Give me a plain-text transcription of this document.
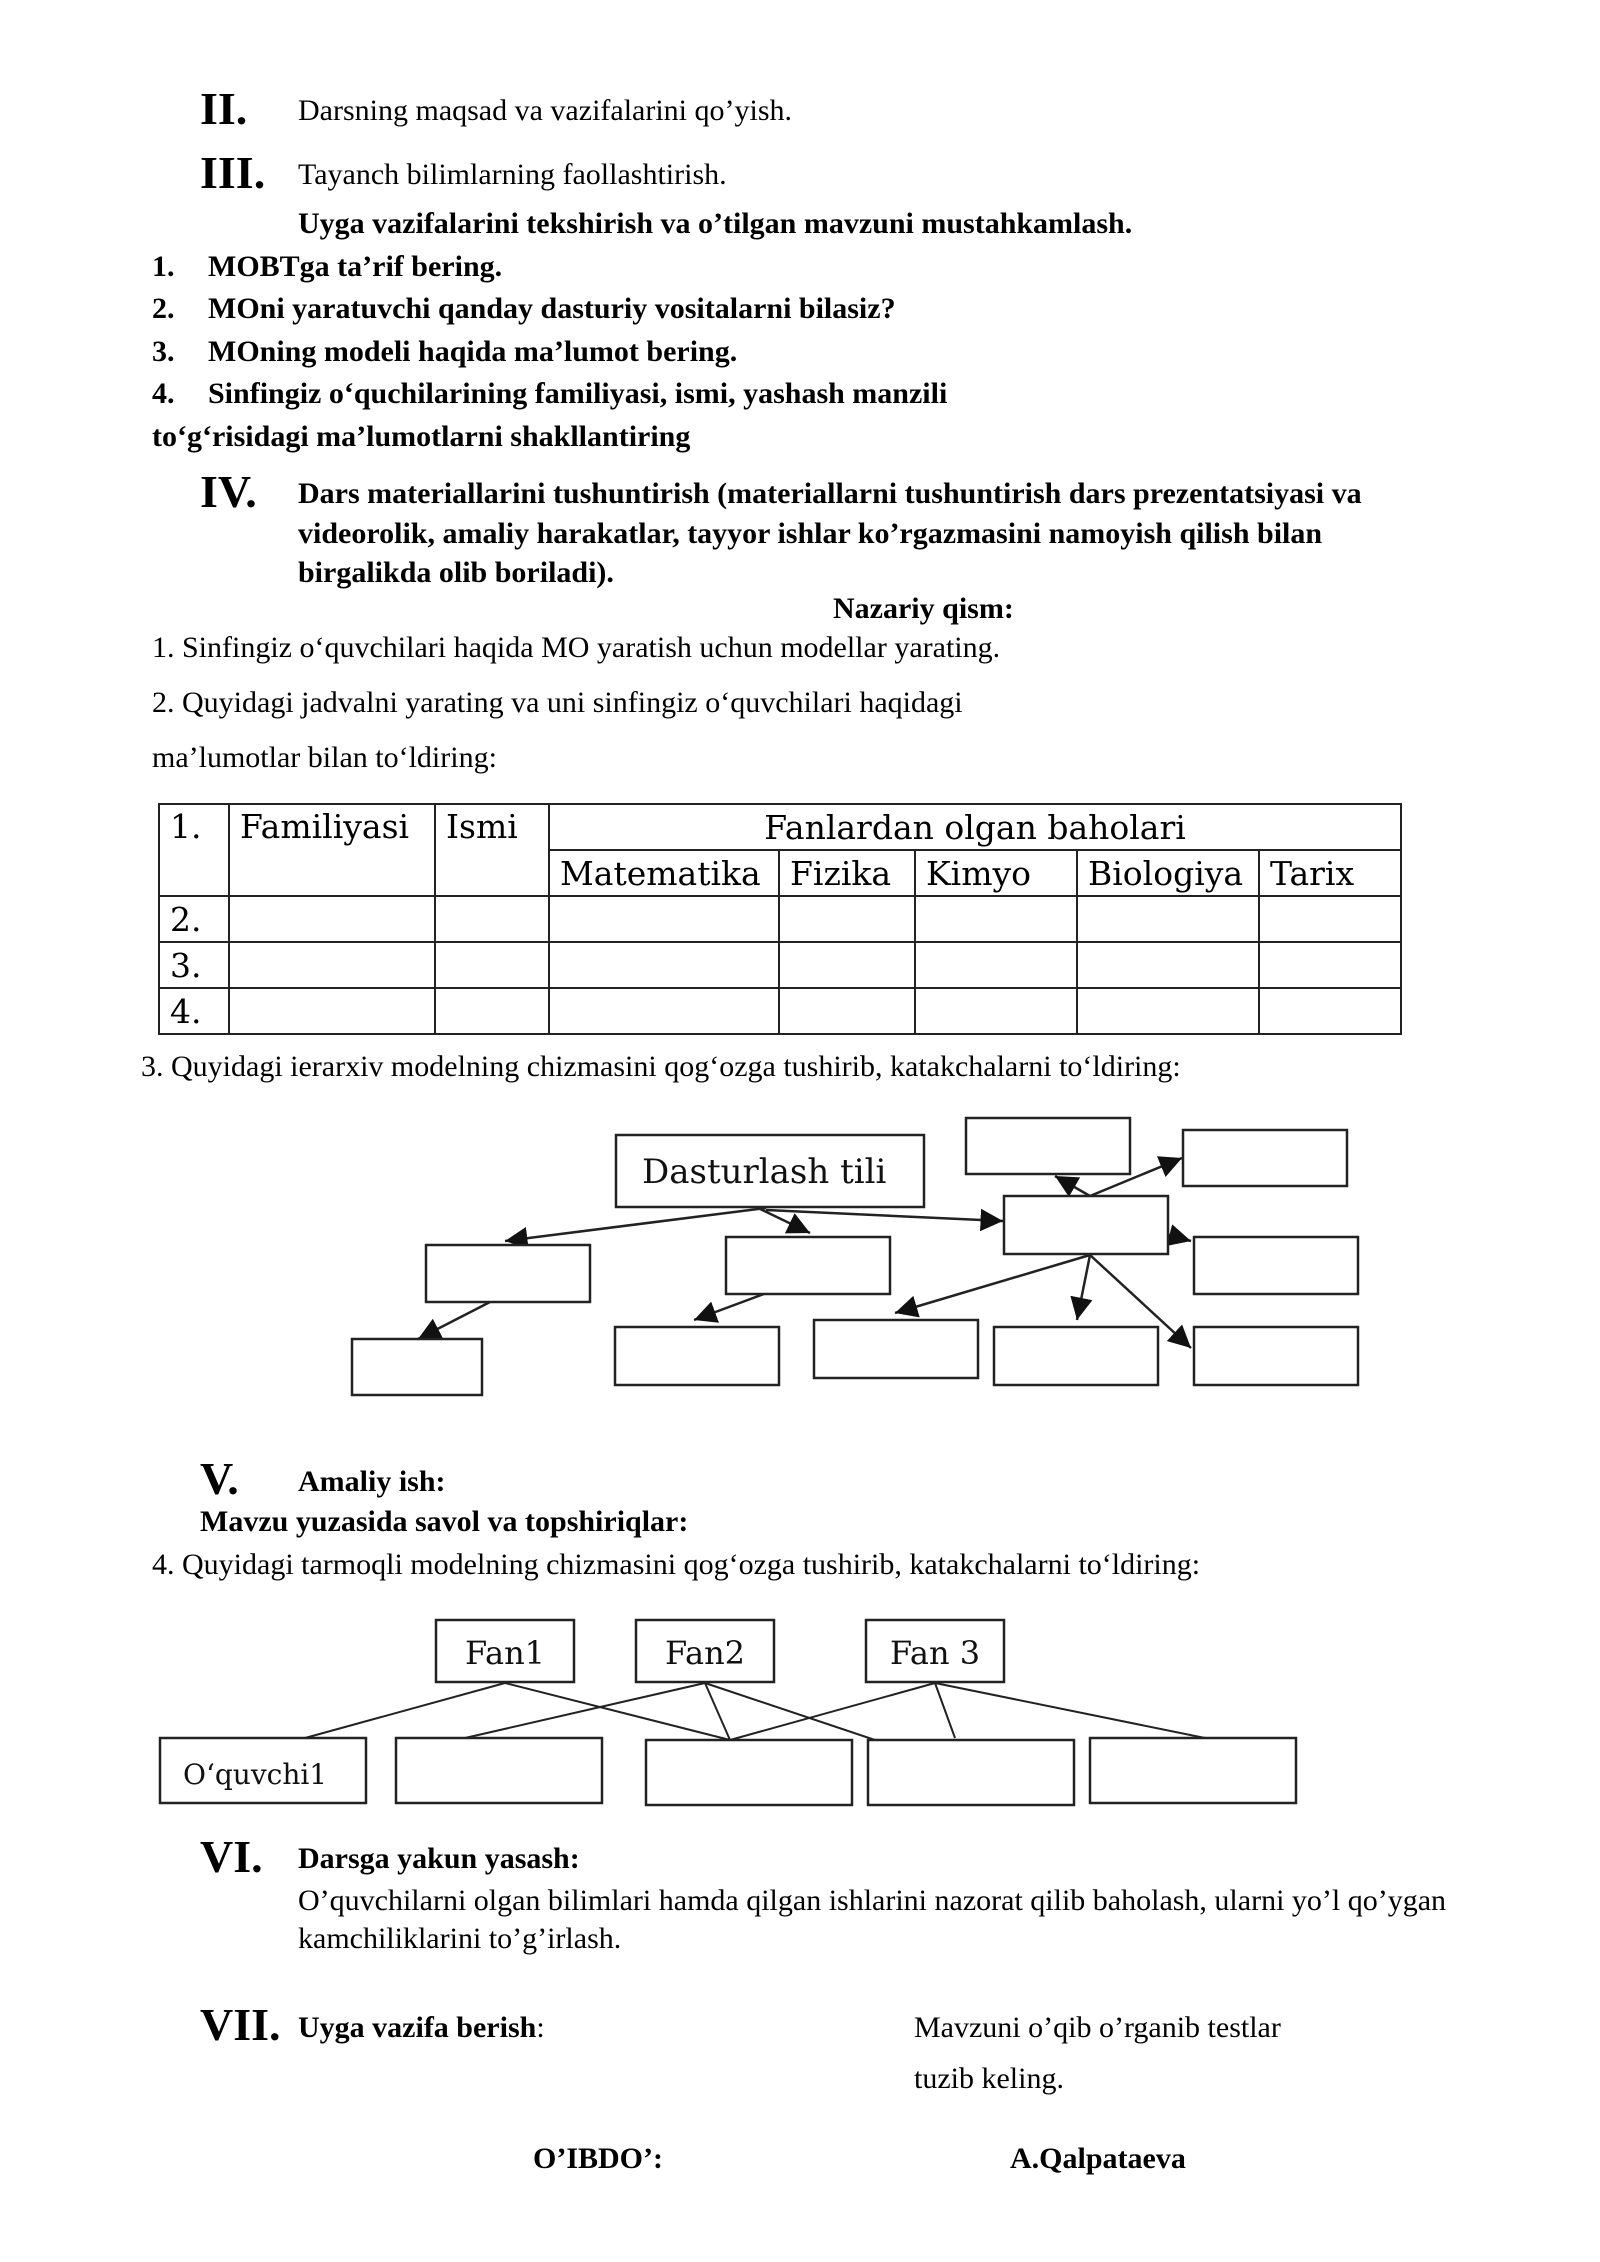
II. Darsning maqsad va vazifalarini qo’yish.
III. Tayanch bilimlarning faollashtirish.
Uyga vazifalarini tekshirish va o’tilgan mavzuni mustahkamlash.
1. MOBTga ta’rif bering.
2. MOni yaratuvchi qanday dasturiy vositalarni bilasiz?
3. MOning modeli haqida ma’lumot bering.
4. Sinfingiz o‘quchilarining familiyasi, ismi, yashash manzili
to‘g‘risidagi ma’lumotlarni shakllantiring
IV. Dars materiallarini tushuntirish (materiallarni tushuntirish dars prezentatsiyasi va
videorolik, amaliy harakatlar, tayyor ishlar ko’rgazmasini namoyish qilish bilan
birgalikda olib boriladi).
Nazariy qism:
1. Sinfingiz o‘quvchilari haqida MO yaratish uchun modellar yarating.
2. Quyidagi jadvalni yarating va uni sinfingiz o‘quvchilari haqidagi
ma’lumotlar bilan to‘ldiring:
1.	Familiyasi	Ismi	Fanlardan olgan baholari				
			Matematika	Fizika	Kimyo	Biologiya	Tarix
2.							
3.							
4.							
3. Quyidagi ierarxiv modelning chizmasini qog‘ozga tushirib, katakchalarni to‘ldiring:
Dasturlash tili
V. Amaliy ish:
Mavzu yuzasida savol va topshiriqlar:
4. Quyidagi tarmoqli modelning chizmasini qog‘ozga tushirib, katakchalarni to‘ldiring:
Fan1	Fan2	Fan 3
O‘quvchi1
VI. Darsga yakun yasash:
O’quvchilarni olgan bilimlari hamda qilgan ishlarini nazorat qilib baholash, ularni yo’l qo’ygan
kamchiliklarini to’g’irlash.
VII. Uyga vazifa berish:	Mavzuni o’qib o’rganib testlar
tuzib keling.
O’IBDO’:	A.Qalpataeva
